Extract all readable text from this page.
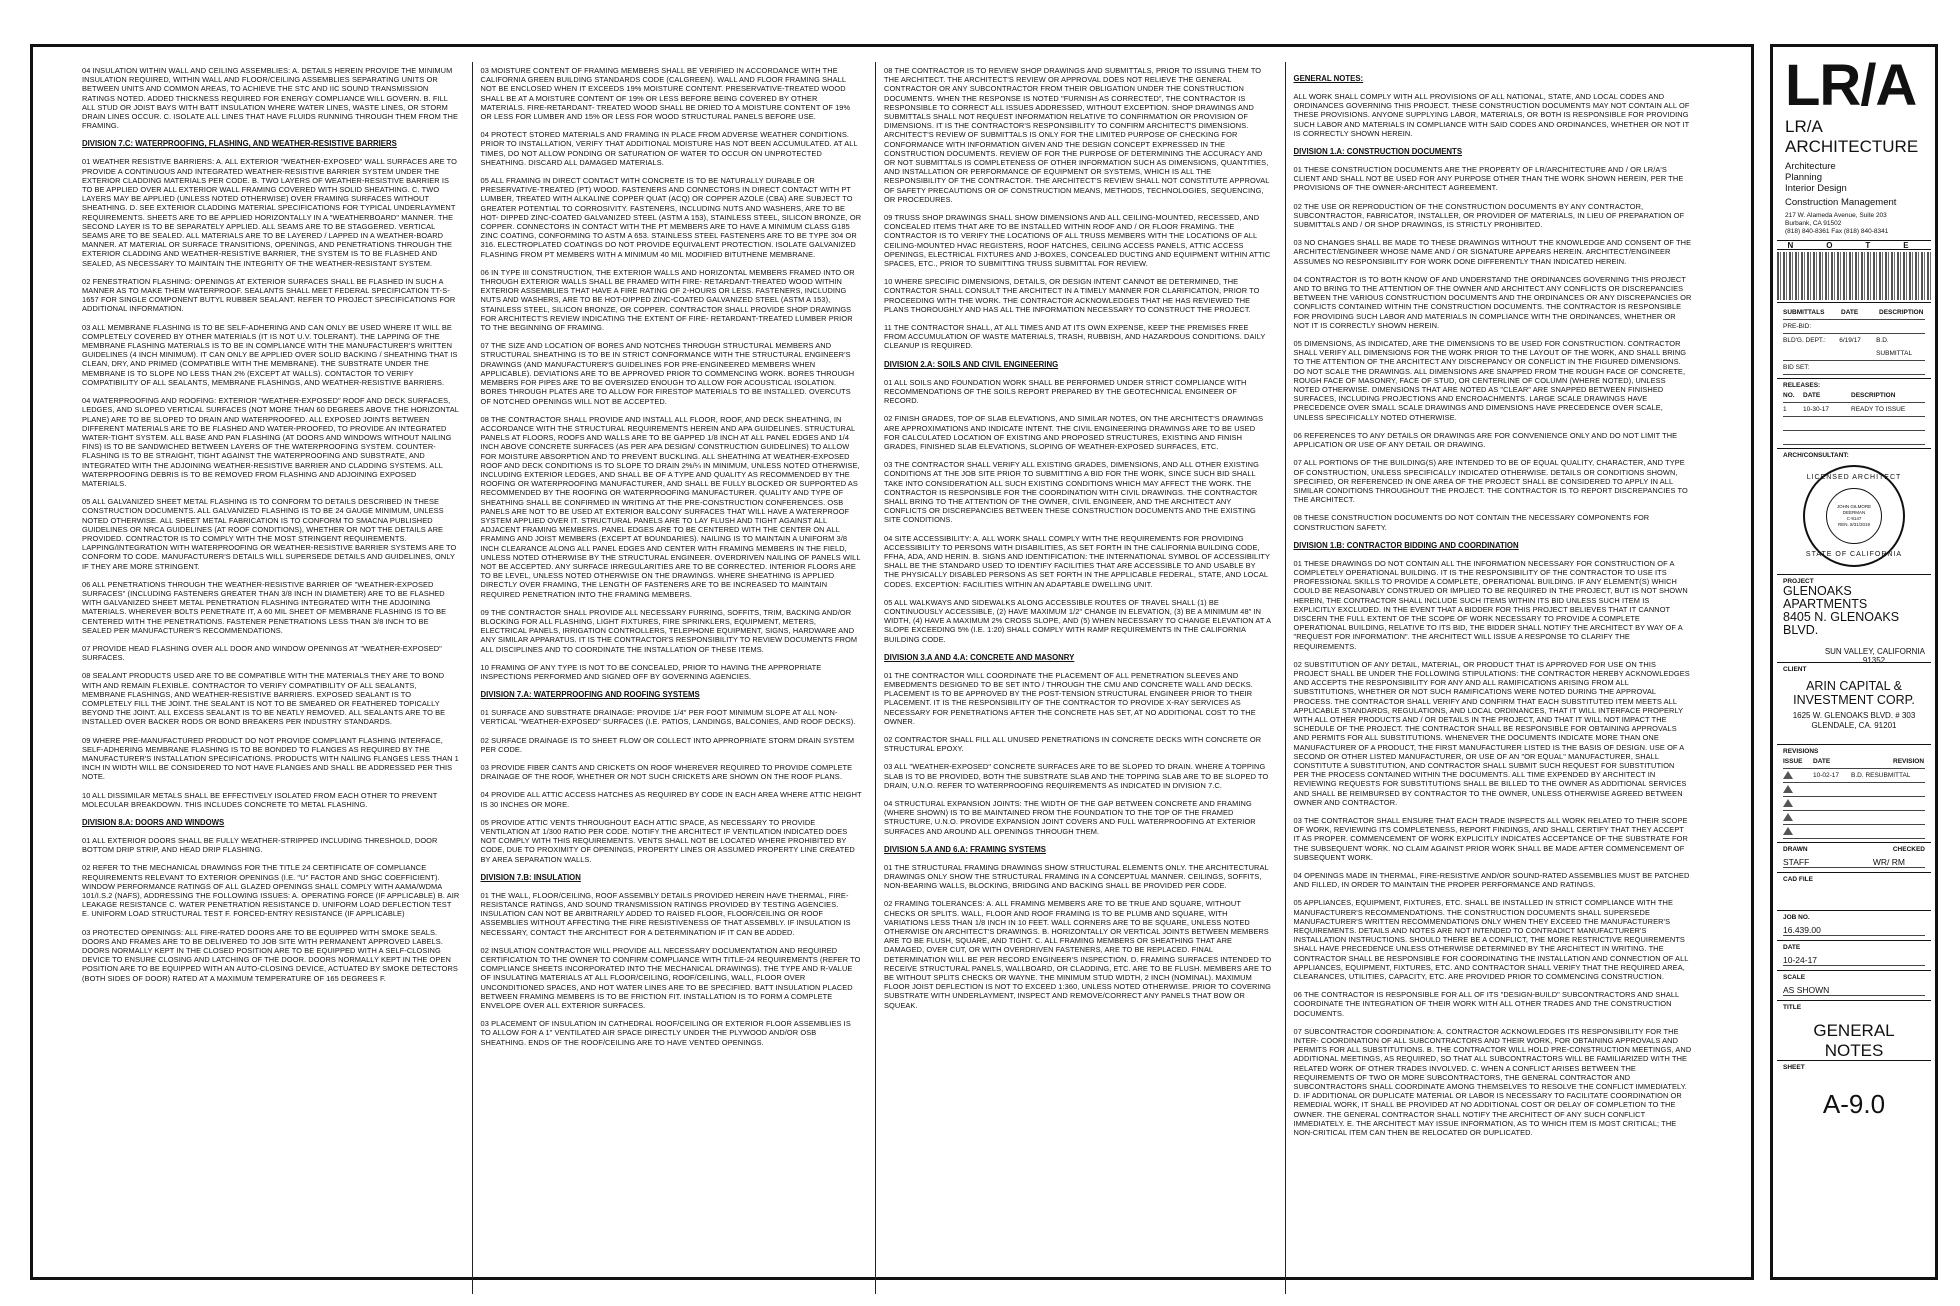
04 INSULATION WITHIN WALL AND CEILING ASSEMBLIES: A. DETAILS HEREIN PROVIDE THE MINIMUM INSULATION REQUIRED, WITHIN WALL AND FLOOR/CEILING ASSEMBLIES SEPARATING UNITS OR BETWEEN UNITS AND COMMON AREAS, TO ACHIEVE THE STC AND IIC SOUND TRANSMISSION RATINGS NOTED. ADDED THICKNESS REQUIRED FOR ENERGY COMPLIANCE WILL GOVERN. B. FILL ALL STUD OR JOIST BAYS WITH BATT INSULATION WHERE WATER LINES, WASTE LINES, OR STORM DRAIN LINES OCCUR. C. ISOLATE ALL LINES THAT HAVE FLUIDS RUNNING THROUGH THEM FROM THE FRAMING.

DIVISION 7.C: WATERPROOFING, FLASHING, AND WEATHER-RESISTIVE BARRIERS

01 WEATHER RESISTIVE BARRIERS: A. ALL EXTERIOR "WEATHER-EXPOSED" WALL SURFACES ARE TO PROVIDE A CONTINUOUS AND INTEGRATED WEATHER-RESISTIVE BARRIER SYSTEM UNDER THE EXTERIOR CLADDING MATERIALS PER CODE. B. TWO LAYERS OF WEATHER-RESISTIVE BARRIER IS TO BE APPLIED OVER ALL EXTERIOR WALL FRAMING COVERED WITH SOLID SHEATHING. C. TWO LAYERS MAY BE APPLIED (UNLESS NOTED OTHERWISE) OVER FRAMING SURFACES WITHOUT SHEATHING. D. SEE EXTERIOR CLADDING MATERIAL SPECIFICATIONS FOR TYPICAL UNDERLAYMENT REQUIREMENTS. SHEETS ARE TO BE APPLIED HORIZONTALLY IN A "WEATHERBOARD" MANNER. THE SECOND LAYER IS TO BE SEPARATELY APPLIED. ALL SEAMS ARE TO BE STAGGERED. VERTICAL SEAMS ARE TO BE SEALED. ALL MATERIALS ARE TO BE LAYERED / LAPPED IN A WEATHER-BOARD MANNER. AT MATERIAL OR SURFACE TRANSITIONS, OPENINGS, AND PENETRATIONS THROUGH THE EXTERIOR CLADDING AND WEATHER-RESISTIVE BARRIER, THE SYSTEM IS TO BE FLASHED AND SEALED, AS NECESSARY TO MAINTAIN THE INTEGRITY OF THE WEATHER-RESISTANT SYSTEM.

02 FENESTRATION FLASHING: OPENINGS AT EXTERIOR SURFACES SHALL BE FLASHED IN SUCH A MANNER AS TO MAKE THEM WATERPROOF. SEALANTS SHALL MEET FEDERAL SPECIFICATION TT-S-1657 FOR SINGLE COMPONENT BUTYL RUBBER SEALANT. REFER TO PROJECT SPECIFICATIONS FOR ADDITIONAL INFORMATION.

03 ALL MEMBRANE FLASHING IS TO BE SELF-ADHERING AND CAN ONLY BE USED WHERE IT WILL BE COMPLETELY COVERED BY OTHER MATERIALS (IT IS NOT U.V. TOLERANT). THE LAPPING OF THE MEMBRANE FLASHING MATERIALS IS TO BE IN COMPLIANCE WITH THE MANUFACTURER'S WRITTEN GUIDELINES (4 INCH MINIMUM). IT CAN ONLY BE APPLIED OVER SOLID BACKING / SHEATHING THAT IS CLEAN, DRY, AND PRIMED (COMPATIBLE WITH THE MEMBRANE). THE SUBSTRATE UNDER THE MEMBRANE IS TO SLOPE NO LESS THAN 2% (EXCEPT AT WALLS). CONTACTOR TO VERIFY COMPATIBILITY OF ALL SEALANTS, MEMBRANE FLASHINGS, AND WEATHER-RESISTIVE BARRIERS.

04 WATERPROOFING AND ROOFING: EXTERIOR "WEATHER-EXPOSED" ROOF AND DECK SURFACES, LEDGES, AND SLOPED VERTICAL SURFACES (NOT MORE THAN 60 DEGREES ABOVE THE HORIZONTAL PLANE) ARE TO BE SLOPED TO DRAIN AND WATERPROOFED. ALL EXPOSED JOINTS BETWEEN DIFFERENT MATERIALS ARE TO BE FLASHED AND WATER-PROOFED, TO PROVIDE AN INTEGRATED WATER-TIGHT SYSTEM. ALL BASE AND PAN FLASHING (AT DOORS AND WINDOWS WITHOUT NAILING FINS) IS TO BE SANDWICHED BETWEEN LAYERS OF THE WATERPROOFING SYSTEM. COUNTER-FLASHING IS TO BE STRAIGHT, TIGHT AGAINST THE WATERPROOFING AND SUBSTRATE, AND INTEGRATED WITH THE ADJOINING WEATHER-RESISTIVE BARRIER AND CLADDING SYSTEMS. ALL WATERPROOFING DEBRIS IS TO BE REMOVED FROM FLASHING AND ADJOINING EXPOSED MATERIALS.

05 ALL GALVANIZED SHEET METAL FLASHING IS TO CONFORM TO DETAILS DESCRIBED IN THESE CONSTRUCTION DOCUMENTS. ALL GALVANIZED FLASHING IS TO BE 24 GAUGE MINIMUM, UNLESS NOTED OTHERWISE. ALL SHEET METAL FABRICATION IS TO CONFORM TO SMACNA PUBLISHED GUIDELINES OR NRCA GUIDELINES (AT ROOF CONDITIONS), WHETHER OR NOT THE DETAILS ARE PROVIDED. CONTRACTOR IS TO COMPLY WITH THE MOST STRINGENT REQUIREMENTS. LAPPING/INTEGRATION WITH WATERPROOFING OR WEATHER-RESISTIVE BARRIER SYSTEMS ARE TO CONFORM TO CODE. MANUFACTURER'S DETAILS WILL SUPERSEDE DETAILS AND GUIDELINES, ONLY IF THEY ARE MORE STRINGENT.

06 ALL PENETRATIONS THROUGH THE WEATHER-RESISTIVE BARRIER OF "WEATHER-EXPOSED SURFACES" (INCLUDING FASTENERS GREATER THAN 3/8 INCH IN DIAMETER) ARE TO BE FLASHED WITH GALVANIZED SHEET METAL PENETRATION FLASHING INTEGRATED WITH THE ADJOINING MATERIALS. WHEREVER BOLTS PENETRATE IT, A 60 MIL SHEET OF MEMBRANE FLASHING IS TO BE CENTERED WITH THE PENETRATIONS. FASTENER PENETRATIONS LESS THAN 3/8 INCH TO BE SEALED PER MANUFACTURER'S RECOMMENDATIONS.

07 PROVIDE HEAD FLASHING OVER ALL DOOR AND WINDOW OPENINGS AT "WEATHER-EXPOSED" SURFACES.

08 SEALANT PRODUCTS USED ARE TO BE COMPATIBLE WITH THE MATERIALS THEY ARE TO BOND WITH AND REMAIN FLEXIBLE. CONTRACTOR TO VERIFY COMPATIBILITY OF ALL SEALANTS, MEMBRANE FLASHINGS, AND WEATHER-RESISTIVE BARRIERS. EXPOSED SEALANT IS TO COMPLETELY FILL THE JOINT. THE SEALANT IS NOT TO BE SMEARED OR FEATHERED TOPICALLY BEYOND THE JOINT. ALL EXCESS SEALANT IS TO BE NEATLY REMOVED. ALL SEALANTS ARE TO BE INSTALLED OVER BACKER RODS OR BOND BREAKERS PER INDUSTRY STANDARDS.

09 WHERE PRE-MANUFACTURED PRODUCT DO NOT PROVIDE COMPLIANT FLASHING INTERFACE, SELF-ADHERING MEMBRANE FLASHING IS TO BE BONDED TO FLANGES AS REQUIRED BY THE MANUFACTURER'S INSTALLATION SPECIFICATIONS. PRODUCTS WITH NAILING FLANGES LESS THAN 1 INCH IN WIDTH WILL BE CONSIDERED TO NOT HAVE FLANGES AND SHALL BE ADDRESSED PER THIS NOTE.

10 ALL DISSIMILAR METALS SHALL BE EFFECTIVELY ISOLATED FROM EACH OTHER TO PREVENT MOLECULAR BREAKDOWN. THIS INCLUDES CONCRETE TO METAL FLASHING.

DIVISION 8.A: DOORS AND WINDOWS

01 ALL EXTERIOR DOORS SHALL BE FULLY WEATHER-STRIPPED INCLUDING THRESHOLD, DOOR BOTTOM DRIP STRIP, AND HEAD DRIP FLASHING.

02 REFER TO THE MECHANICAL DRAWINGS FOR THE TITLE 24 CERTIFICATE OF COMPLIANCE REQUIREMENTS RELEVANT TO EXTERIOR OPENINGS (I.E. "U" FACTOR AND SHGC COEFFICIENT). WINDOW PERFORMANCE RATINGS OF ALL GLAZED OPENINGS SHALL COMPLY WITH AAMA/WDMA 101/I.S.2 (NAFS), ADDRESSING THE FOLLOWING ISSUES: A. OPERATING FORCE (IF APPLICABLE) B. AIR LEAKAGE RESISTANCE C. WATER PENETRATION RESISTANCE D. UNIFORM LOAD DEFLECTION TEST E. UNIFORM LOAD STRUCTURAL TEST F. FORCED-ENTRY RESISTANCE (IF APPLICABLE)

03 PROTECTED OPENINGS: ALL FIRE-RATED DOORS ARE TO BE EQUIPPED WITH SMOKE SEALS. DOORS AND FRAMES ARE TO BE DELIVERED TO JOB SITE WITH PERMANENT APPROVED LABELS. DOORS NORMALLY KEPT IN THE CLOSED POSITION ARE TO BE EQUIPPED WITH A SELF-CLOSING DEVICE TO ENSURE CLOSING AND LATCHING OF THE DOOR. DOORS NORMALLY KEPT IN THE OPEN POSITION ARE TO BE EQUIPPED WITH AN AUTO-CLOSING DEVICE, ACTUATED BY SMOKE DETECTORS (BOTH SIDES OF DOOR) RATED AT A MAXIMUM TEMPERATURE OF 165 DEGREES F.

03 MOISTURE CONTENT OF FRAMING MEMBERS SHALL BE VERIFIED IN ACCORDANCE WITH THE CALIFORNIA GREEN BUILDING STANDARDS CODE (CALGREEN). WALL AND FLOOR FRAMING SHALL NOT BE ENCLOSED WHEN IT EXCEEDS 19% MOISTURE CONTENT. PRESERVATIVE-TREATED WOOD SHALL BE AT A MOISTURE CONTENT OF 19% OR LESS BEFORE BEING COVERED BY OTHER MATERIALS. FIRE-RETARDANT- TREATED WOOD SHALL BE DRIED TO A MOISTURE CONTENT OF 19% OR LESS FOR LUMBER AND 15% OR LESS FOR WOOD STRUCTURAL PANELS BEFORE USE.

04 PROTECT STORED MATERIALS AND FRAMING IN PLACE FROM ADVERSE WEATHER CONDITIONS. PRIOR TO INSTALLATION, VERIFY THAT ADDITIONAL MOISTURE HAS NOT BEEN ACCUMULATED. AT ALL TIMES, DO NOT ALLOW PONDING OR SATURATION OF WATER TO OCCUR ON UNPROTECTED SHEATHING. DISCARD ALL DAMAGED MATERIALS.

05 ALL FRAMING IN DIRECT CONTACT WITH CONCRETE IS TO BE NATURALLY DURABLE OR PRESERVATIVE-TREATED (PT) WOOD. FASTENERS AND CONNECTORS IN DIRECT CONTACT WITH PT LUMBER, TREATED WITH ALKALINE COPPER QUAT (ACQ) OR COPPER AZOLE (CBA) ARE SUBJECT TO GREATER POTENTIAL TO CORROSIVITY. FASTENERS, INCLUDING NUTS AND WASHERS, ARE TO BE HOT- DIPPED ZINC-COATED GALVANIZED STEEL (ASTM A 153), STAINLESS STEEL, SILICON BRONZE, OR COPPER. CONNECTORS IN CONTACT WITH THE PT MEMBERS ARE TO HAVE A MINIMUM CLASS G185 ZINC COATING, CONFORMING TO ASTM A 653. STAINLESS STEEL FASTENERS ARE TO BE TYPE 304 OR 316. ELECTROPLATED COATINGS DO NOT PROVIDE EQUIVALENT PROTECTION. ISOLATE GALVANIZED FLASHING FROM PT MEMBERS WITH A MINIMUM 40 MIL MODIFIED BITUTHENE MEMBRANE.

06 IN TYPE III CONSTRUCTION, THE EXTERIOR WALLS AND HORIZONTAL MEMBERS FRAMED INTO OR THROUGH EXTERIOR WALLS SHALL BE FRAMED WITH FIRE- RETARDANT-TREATED WOOD WITHIN EXTERIOR ASSEMBLIES THAT HAVE A FIRE RATING OF 2-HOURS OR LESS. FASTENERS, INCLUDING NUTS AND WASHERS, ARE TO BE HOT-DIPPED ZINC-COATED GALVANIZED STEEL (ASTM A 153), STAINLESS STEEL, SILICON BRONZE, OR COPPER. CONTRACTOR SHALL PROVIDE SHOP DRAWINGS FOR ARCHITECT'S REVIEW INDICATING THE EXTENT OF FIRE- RETARDANT-TREATED LUMBER PRIOR TO THE BEGINNING OF FRAMING.

07 THE SIZE AND LOCATION OF BORES AND NOTCHES THROUGH STRUCTURAL MEMBERS AND STRUCTURAL SHEATHING IS TO BE IN STRICT CONFORMANCE WITH THE STRUCTURAL ENGINEER'S DRAWINGS (AND MANUFACTURER'S GUIDELINES FOR PRE-ENGINEERED MEMBERS WHEN APPLICABLE). DEVIATIONS ARE TO BE APPROVED PRIOR TO COMMENCING WORK. BORES THROUGH MEMBERS FOR PIPES ARE TO BE OVERSIZED ENOUGH TO ALLOW FOR ACOUSTICAL ISOLATION. BORES THROUGH PLATES ARE TO ALLOW FOR FIRESTOP MATERIALS TO BE INSTALLED. OVERCUTS OF NOTCHED OPENINGS WILL NOT BE ACCEPTED.

08 THE CONTRACTOR SHALL PROVIDE AND INSTALL ALL FLOOR, ROOF, AND DECK SHEATHING, IN ACCORDANCE WITH THE STRUCTURAL REQUIREMENTS HEREIN AND APA GUIDELINES. STRUCTURAL PANELS AT FLOORS, ROOFS AND WALLS ARE TO BE GAPPED 1/8 INCH AT ALL PANEL EDGES AND 1/4 INCH ABOVE CONCRETE SURFACES (AS PER APA DESIGN/ CONSTRUCTION GUIDELINES) TO ALLOW FOR MOISTURE ABSORPTION AND TO PREVENT BUCKLING. ALL SHEATHING AT WEATHER-EXPOSED ROOF AND DECK CONDITIONS IS TO SLOPE TO DRAIN 2%/¼ IN MINIMUM, UNLESS NOTED OTHERWISE, INCLUDING EXTERIOR LEDGES, AND SHALL BE OF A TYPE AND QUALITY AS RECOMMENDED BY THE ROOFING OR WATERPROOFING MANUFACTURER, AND SHALL BE FULLY BLOCKED OR SUPPORTED AS RECOMMENDED BY THE ROOFING OR WATERPROOFING MANUFACTURER. QUALITY AND TYPE OF SHEATHING SHALL BE CONFIRMED IN WRITING AT THE PRE-CONSTRUCTION CONFERENCES. OSB PANELS ARE NOT TO BE USED AT EXTERIOR BALCONY SURFACES THAT WILL HAVE A WATERPROOF SYSTEM APPLIED OVER IT. STRUCTURAL PANELS ARE TO LAY FLUSH AND TIGHT AGAINST ALL ADJACENT FRAMING MEMBERS. PANEL EDGES ARE TO BE CENTERED WITH THE CENTER ON ALL FRAMING AND JOIST MEMBERS (EXCEPT AT BOUNDARIES). NAILING IS TO MAINTAIN A UNIFORM 3/8 INCH CLEARANCE ALONG ALL PANEL EDGES AND CENTER WITH FRAMING MEMBERS IN THE FIELD, UNLESS NOTED OTHERWISE BY THE STRUCTURAL ENGINEER. OVERDRIVEN NAILING OF PANELS WILL NOT BE ACCEPTED. ANY SURFACE IRREGULARITIES ARE TO BE CORRECTED. INTERIOR FLOORS ARE TO BE LEVEL, UNLESS NOTED OTHERWISE ON THE DRAWINGS. WHERE SHEATHING IS APPLIED DIRECTLY OVER FRAMING, THE LENGTH OF FASTENERS ARE TO BE INCREASED TO MAINTAIN REQUIRED PENETRATION INTO THE FRAMING MEMBERS.

09 THE CONTRACTOR SHALL PROVIDE ALL NECESSARY FURRING, SOFFITS, TRIM, BACKING AND/OR BLOCKING FOR ALL FLASHING, LIGHT FIXTURES, FIRE SPRINKLERS, EQUIPMENT, METERS, ELECTRICAL PANELS, IRRIGATION CONTROLLERS, TELEPHONE EQUIPMENT, SIGNS, HARDWARE AND ANY SIMILAR APPARATUS. IT IS THE CONTRACTOR'S RESPONSIBILITY TO REVIEW DOCUMENTS FROM ALL DISCIPLINES AND TO COORDINATE THE INSTALLATION OF THESE ITEMS.

10 FRAMING OF ANY TYPE IS NOT TO BE CONCEALED, PRIOR TO HAVING THE APPROPRIATE INSPECTIONS PERFORMED AND SIGNED OFF BY GOVERNING AGENCIES.

DIVISION 7.A: WATERPROOFING AND ROOFING SYSTEMS

01 SURFACE AND SUBSTRATE DRAINAGE: PROVIDE 1/4" PER FOOT MINIMUM SLOPE AT ALL NON-VERTICAL "WEATHER-EXPOSED" SURFACES (I.E. PATIOS, LANDINGS, BALCONIES, AND ROOF DECKS).

02 SURFACE DRAINAGE IS TO SHEET FLOW OR COLLECT INTO APPROPRIATE STORM DRAIN SYSTEM PER CODE.

03 PROVIDE FIBER CANTS AND CRICKETS ON ROOF WHEREVER REQUIRED TO PROVIDE COMPLETE DRAINAGE OF THE ROOF, WHETHER OR NOT SUCH CRICKETS ARE SHOWN ON THE ROOF PLANS.

04 PROVIDE ALL ATTIC ACCESS HATCHES AS REQUIRED BY CODE IN EACH AREA WHERE ATTIC HEIGHT IS 30 INCHES OR MORE.

05 PROVIDE ATTIC VENTS THROUGHOUT EACH ATTIC SPACE, AS NECESSARY TO PROVIDE VENTILATION AT 1/300 RATIO PER CODE. NOTIFY THE ARCHITECT IF VENTILATION INDICATED DOES NOT COMPLY WITH THIS REQUIREMENTS. VENTS SHALL NOT BE LOCATED WHERE PROHIBITED BY CODE, DUE TO PROXIMITY OF OPENINGS, PROPERTY LINES OR ASSUMED PROPERTY LINE CREATED BY AREA SEPARATION WALLS.

DIVISION 7.B: INSULATION

01 THE WALL, FLOOR/CEILING, ROOF ASSEMBLY DETAILS PROVIDED HEREIN HAVE THERMAL, FIRE-RESISTANCE RATINGS, AND SOUND TRANSMISSION RATINGS PROVIDED BY TESTING AGENCIES. INSULATION CAN NOT BE ARBITRARILY ADDED TO RAISED FLOOR, FLOOR/CEILING OR ROOF ASSEMBLIES WITHOUT AFFECTING THE FIRE RESISTIVENESS OF THAT ASSEMBLY. IF INSULATION IS NECESSARY, CONTACT THE ARCHITECT FOR A DETERMINATION IF IT CAN BE ADDED.

02 INSULATION CONTRACTOR WILL PROVIDE ALL NECESSARY DOCUMENTATION AND REQUIRED CERTIFICATION TO THE OWNER TO CONFIRM COMPLIANCE WITH TITLE-24 REQUIREMENTS (REFER TO COMPLIANCE SHEETS INCORPORATED INTO THE MECHANICAL DRAWINGS). THE TYPE AND R-VALUE OF INSULATING MATERIALS AT ALL FLOOR/CEILING, ROOF/CEILING, WALL, FLOOR OVER UNCONDITIONED SPACES, AND HOT WATER LINES ARE TO BE SPECIFIED. BATT INSULATION PLACED BETWEEN FRAMING MEMBERS IS TO BE FRICTION FIT. INSTALLATION IS TO FORM A COMPLETE ENVELOPE OVER ALL EXTERIOR SURFACES.

03 PLACEMENT OF INSULATION IN CATHEDRAL ROOF/CEILING OR EXTERIOR FLOOR ASSEMBLIES IS TO ALLOW FOR A 1" VENTILATED AIR SPACE DIRECTLY UNDER THE PLYWOOD AND/OR OSB SHEATHING. ENDS OF THE ROOF/CEILING ARE TO HAVE VENTED OPENINGS.

08 THE CONTRACTOR IS TO REVIEW SHOP DRAWINGS AND SUBMITTALS, PRIOR TO ISSUING THEM TO THE ARCHITECT. THE ARCHITECT'S REVIEW OR APPROVAL DOES NOT RELIEVE THE GENERAL CONTRACTOR OR ANY SUBCONTRACTOR FROM THEIR OBLIGATION UNDER THE CONSTRUCTION DOCUMENTS. WHEN THE RESPONSE IS NOTED "FURNISH AS CORRECTED", THE CONTRACTOR IS RESPONSIBLE TO CORRECT ALL ISSUES ADDRESSED, WITHOUT EXCEPTION. SHOP DRAWINGS AND SUBMITTALS SHALL NOT REQUEST INFORMATION RELATIVE TO CONFIRMATION OR PROVISION OF DIMENSIONS. IT IS THE CONTRACTOR'S RESPONSIBILITY TO CONFIRM ARCHITECT'S DIMENSIONS. ARCHITECT'S REVIEW OF SUBMITTALS IS ONLY FOR THE LIMITED PURPOSE OF CHECKING FOR CONFORMANCE WITH INFORMATION GIVEN AND THE DESIGN CONCEPT EXPRESSED IN THE CONSTRUCTION DOCUMENTS. REVIEW OF FOR THE PURPOSE OF DETERMINING THE ACCURACY AND OR NOT SUBMITTALS IS COMPLETENESS OF OTHER INFORMATION SUCH AS DIMENSIONS, QUANTITIES, AND INSTALLATION OR PERFORMANCE OF EQUIPMENT OR SYSTEMS, WHICH IS ALL THE RESPONSIBILITY OF THE CONTRACTOR. THE ARCHITECT'S REVIEW SHALL NOT CONSTITUTE APPROVAL OF SAFETY PRECAUTIONS OR OF CONSTRUCTION MEANS, METHODS, TECHNOLOGIES, SEQUENCING, OR PROCEDURES.

09 TRUSS SHOP DRAWINGS SHALL SHOW DIMENSIONS AND ALL CEILING-MOUNTED, RECESSED, AND CONCEALED ITEMS THAT ARE TO BE INSTALLED WITHIN ROOF AND / OR FLOOR FRAMING. THE CONTRACTOR IS TO VERIFY THE LOCATIONS OF ALL TRUSS MEMBERS WITH THE LOCATIONS OF ALL CEILING-MOUNTED HVAC REGISTERS, ROOF HATCHES, CEILING ACCESS PANELS, ATTIC ACCESS OPENINGS, ELECTRICAL FIXTURES AND J-BOXES, CONCEALED DUCTING AND EQUIPMENT WITHIN ATTIC SPACES, ETC., PRIOR TO SUBMITTING TRUSS SUBMITTAL FOR REVIEW.

10 WHERE SPECIFIC DIMENSIONS, DETAILS, OR DESIGN INTENT CANNOT BE DETERMINED, THE CONTRACTOR SHALL CONSULT THE ARCHITECT IN A TIMELY MANNER FOR CLARIFICATION, PRIOR TO PROCEEDING WITH THE WORK. THE CONTRACTOR ACKNOWLEDGES THAT HE HAS REVIEWED THE PLANS THOROUGHLY AND HAS ALL THE INFORMATION NECESSARY TO CONSTRUCT THE PROJECT.

11 THE CONTRACTOR SHALL, AT ALL TIMES AND AT ITS OWN EXPENSE, KEEP THE PREMISES FREE FROM ACCUMULATION OF WASTE MATERIALS, TRASH, RUBBISH, AND HAZARDOUS CONDITIONS. DAILY CLEANUP IS REQUIRED.

DIVISION 2.A: SOILS AND CIVIL ENGINEERING

01 ALL SOILS AND FOUNDATION WORK SHALL BE PERFORMED UNDER STRICT COMPLIANCE WITH RECOMMENDATIONS OF THE SOILS REPORT PREPARED BY THE GEOTECHNICAL ENGINEER OF RECORD.

02 FINISH GRADES, TOP OF SLAB ELEVATIONS, AND SIMILAR NOTES, ON THE ARCHITECT'S DRAWINGS ARE APPROXIMATIONS AND INDICATE INTENT. THE CIVIL ENGINEERING DRAWINGS ARE TO BE USED FOR CALCULATED LOCATION OF EXISTING AND PROPOSED STRUCTURES, EXISTING AND FINISH GRADES, FINISHED SLAB ELEVATIONS, SLOPING OF WEATHER-EXPOSED SURFACES, ETC.

03 THE CONTRACTOR SHALL VERIFY ALL EXISTING GRADES, DIMENSIONS, AND ALL OTHER EXISTING CONDITIONS AT THE JOB SITE PRIOR TO SUBMITTING A BID FOR THE WORK, SINCE SUCH BID SHALL TAKE INTO CONSIDERATION ALL SUCH EXISTING CONDITIONS WHICH MAY AFFECT THE WORK. THE CONTRACTOR IS RESPONSIBLE FOR THE COORDINATION WITH CIVIL DRAWINGS. THE CONTRACTOR SHALL BRING TO THE ATTENTION OF THE OWNER, CIVIL ENGINEER, AND THE ARCHITECT ANY CONFLICTS OR DISCREPANCIES BETWEEN THESE CONSTRUCTION DOCUMENTS AND THE EXISTING SITE CONDITIONS.

04 SITE ACCESSIBILITY: A. ALL WORK SHALL COMPLY WITH THE REQUIREMENTS FOR PROVIDING ACCESSIBILITY TO PERSONS WITH DISABILITIES, AS SET FORTH IN THE CALIFORNIA BUILDING CODE, FFHA, ADA, AND HERIN. B. SIGNS AND IDENTIFICATION: THE INTERNATIONAL SYMBOL OF ACCESSIBILITY SHALL BE THE STANDARD USED TO IDENTIFY FACILITIES THAT ARE ACCESSIBLE TO AND USABLE BY THE PHYSICALLY DISABLED PERSONS AS SET FORTH IN THE APPLICABLE FEDERAL, STATE, AND LOCAL CODES. EXCEPTION: FACILITIES WITHIN AN ADAPTABLE DWELLING UNIT.

05 ALL WALKWAYS AND SIDEWALKS ALONG ACCESSIBLE ROUTES OF TRAVEL SHALL (1) BE CONTINUOUSLY ACCESSIBLE, (2) HAVE MAXIMUM 1/2" CHANGE IN ELEVATION, (3) BE A MINIMUM 48" IN WIDTH, (4) HAVE A MAXIMUM 2% CROSS SLOPE, AND (5) WHEN NECESSARY TO CHANGE ELEVATION AT A SLOPE EXCEEDING 5% (I.E. 1:20) SHALL COMPLY WITH RAMP REQUIREMENTS IN THE CALIFORNIA BUILDING CODE.

DIVISION 3.A AND 4.A: CONCRETE AND MASONRY

01 THE CONTRACTOR WILL COORDINATE THE PLACEMENT OF ALL PENETRATION SLEEVES AND EMBEDMENTS DESIGNED TO BE SET INTO / THROUGH THE CMU AND CONCRETE WALL AND DECKS. PLACEMENT IS TO BE APPROVED BY THE POST-TENSION STRUCTURAL ENGINEER PRIOR TO THEIR PLACEMENT. IT IS THE RESPONSIBILITY OF THE CONTRACTOR TO PROVIDE X-RAY SERVICES AS NECESSARY FOR PENETRATIONS AFTER THE CONCRETE HAS SET, AT NO ADDITIONAL COST TO THE OWNER.

02 CONTRACTOR SHALL FILL ALL UNUSED PENETRATIONS IN CONCRETE DECKS WITH CONCRETE OR STRUCTURAL EPOXY.

03 ALL "WEATHER-EXPOSED" CONCRETE SURFACES ARE TO BE SLOPED TO DRAIN. WHERE A TOPPING SLAB IS TO BE PROVIDED, BOTH THE SUBSTRATE SLAB AND THE TOPPING SLAB ARE TO BE SLOPED TO DRAIN, U.N.O. REFER TO WATERPROOFING REQUIREMENTS AS INDICATED IN DIVISION 7.C.

04 STRUCTURAL EXPANSION JOINTS: THE WIDTH OF THE GAP BETWEEN CONCRETE AND FRAMING (WHERE SHOWN) IS TO BE MAINTAINED FROM THE FOUNDATION TO THE TOP OF THE FRAMED STRUCTURE, U.N.O. PROVIDE EXPANSION JOINT COVERS AND FULL WATERPROOFING AT EXTERIOR SURFACES AND AROUND ALL OPENINGS THROUGH THEM.

DIVISION 5.A AND 6.A: FRAMING SYSTEMS

01 THE STRUCTURAL FRAMING DRAWINGS SHOW STRUCTURAL ELEMENTS ONLY. THE ARCHITECTURAL DRAWINGS ONLY SHOW THE STRUCTURAL FRAMING IN A CONCEPTUAL MANNER. CEILINGS, SOFFITS, NON-BEARING WALLS, BLOCKING, BRIDGING AND BACKING SHALL BE PROVIDED PER CODE.

02 FRAMING TOLERANCES: A. ALL FRAMING MEMBERS ARE TO BE TRUE AND SQUARE, WITHOUT CHECKS OR SPLITS. WALL, FLOOR AND ROOF FRAMING IS TO BE PLUMB AND SQUARE, WITH VARIATIONS LESS THAN 1/8 INCH IN 10 FEET. WALL CORNERS ARE TO BE SQUARE, UNLESS NOTED OTHERWISE ON ARCHITECT'S DRAWINGS. B. HORIZONTALLY OR VERTICAL JOINTS BETWEEN MEMBERS ARE TO BE FLUSH, SQUARE, AND TIGHT. C. ALL FRAMING MEMBERS OR SHEATHING THAT ARE DAMAGED, OVER CUT, OR WITH OVERDRIVEN FASTENERS, ARE TO BE REPLACED. FINAL DETERMINATION WILL BE PER RECORD ENGINEER'S INSPECTION. D. FRAMING SURFACES INTENDED TO RECEIVE STRUCTURAL PANELS, WALLBOARD, OR CLADDING, ETC. ARE TO BE FLUSH. MEMBERS ARE TO BE WITHOUT SPLITS CHECKS OR WAYNE. THE MINIMUM STUD WIDTH, 2 INCH (NOMINAL). MAXIMUM FLOOR JOIST DEFLECTION IS NOT TO EXCEED 1:360, UNLESS NOTED OTHERWISE. PRIOR TO COVERING SUBSTRATE WITH UNDERLAYMENT, INSPECT AND REMOVE/CORRECT ANY PANELS THAT BOW OR SQUEAK.

GENERAL NOTES:

ALL WORK SHALL COMPLY WITH ALL PROVISIONS OF ALL NATIONAL, STATE, AND LOCAL CODES AND ORDINANCES GOVERNING THIS PROJECT. THESE CONSTRUCTION DOCUMENTS MAY NOT CONTAIN ALL OF THESE PROVISIONS. ANYONE SUPPLYING LABOR, MATERIALS, OR BOTH IS RESPONSIBLE FOR PROVIDING SUCH LABOR AND MATERIALS IN COMPLIANCE WITH SAID CODES AND ORDINANCES, WHETHER OR NOT IT IS CORRECTLY SHOWN HEREIN.

DIVISION 1.A: CONSTRUCTION DOCUMENTS

01 THESE CONSTRUCTION DOCUMENTS ARE THE PROPERTY OF LR/ARCHITECTURE AND / OR LR/A'S CLIENT AND SHALL NOT BE USED FOR ANY PURPOSE OTHER THAN THE WORK SHOWN HEREIN, PER THE PROVISIONS OF THE OWNER-ARCHITECT AGREEMENT.

02 THE USE OR REPRODUCTION OF THE CONSTRUCTION DOCUMENTS BY ANY CONTRACTOR, SUBCONTRACTOR, FABRICATOR, INSTALLER, OR PROVIDER OF MATERIALS, IN LIEU OF PREPARATION OF SUBMITTALS AND / OR SHOP DRAWINGS, IS STRICTLY PROHIBITED.

03 NO CHANGES SHALL BE MADE TO THESE DRAWINGS WITHOUT THE KNOWLEDGE AND CONSENT OF THE ARCHITECT/ENGINEER WHOSE NAME AND / OR SIGNATURE APPEARS HEREIN. ARCHITECT/ENGINEER ASSUMES NO RESPONSIBILITY FOR WORK DONE DIFFERENTLY THAN INDICATED HEREIN.

04 CONTRACTOR IS TO BOTH KNOW OF AND UNDERSTAND THE ORDINANCES GOVERNING THIS PROJECT AND TO BRING TO THE ATTENTION OF THE OWNER AND ARCHITECT ANY CONFLICTS OR DISCREPANCIES BETWEEN THE VARIOUS CONSTRUCTION DOCUMENTS AND THE ORDINANCES OR ANY DISCREPANCIES OR CONFLICTS CONTAINED WITHIN THE CONSTRUCTION DOCUMENTS. THE CONTRACTOR IS RESPONSIBLE FOR PROVIDING SUCH LABOR AND MATERIALS IN COMPLIANCE WITH THE ORDINANCES, WHETHER OR NOT IT IS CORRECTLY SHOWN HEREIN.

05 DIMENSIONS, AS INDICATED, ARE THE DIMENSIONS TO BE USED FOR CONSTRUCTION. CONTRACTOR SHALL VERIFY ALL DIMENSIONS FOR THE WORK PRIOR TO THE LAYOUT OF THE WORK, AND SHALL BRING TO THE ATTENTION OF THE ARCHITECT ANY DISCREPANCY OR CONFLICT IN THE FIGURED DIMENSIONS. DO NOT SCALE THE DRAWINGS. ALL DIMENSIONS ARE SNAPPED FROM THE ROUGH FACE OF CONCRETE, ROUGH FACE OF MASONRY, FACE OF STUD, OR CENTERLINE OF COLUMN (WHERE NOTED), UNLESS NOTED OTHERWISE. DIMENSIONS THAT ARE NOTED AS "CLEAR" ARE SNAPPED BETWEEN FINISHED SURFACES, INCLUDING PROJECTIONS AND ENCROACHMENTS. LARGE SCALE DRAWINGS HAVE PRECEDENCE OVER SMALL SCALE DRAWINGS AND DIMENSIONS HAVE PRECEDENCE OVER SCALE, UNLESS SPECIFICALLY NOTED OTHERWISE.

06 REFERENCES TO ANY DETAILS OR DRAWINGS ARE FOR CONVENIENCE ONLY AND DO NOT LIMIT THE APPLICATION OR USE OF ANY DETAIL OR DRAWING.

07 ALL PORTIONS OF THE BUILDING(S) ARE INTENDED TO BE OF EQUAL QUALITY, CHARACTER, AND TYPE OF CONSTRUCTION, UNLESS SPECIFICALLY INDICATED OTHERWISE. DETAILS OR CONDITIONS SHOWN, SPECIFIED, OR REFERENCED IN ONE AREA OF THE PROJECT SHALL BE CONSIDERED TO APPLY IN ALL SIMILAR CONDITIONS THROUGHOUT THE PROJECT. THE CONTRACTOR IS TO REPORT DISCREPANCIES TO THE ARCHITECT.

08 THESE CONSTRUCTION DOCUMENTS DO NOT CONTAIN THE NECESSARY COMPONENTS FOR CONSTRUCTION SAFETY.

DIVISION 1.B: CONTRACTOR BIDDING AND COORDINATION

01 THESE DRAWINGS DO NOT CONTAIN ALL THE INFORMATION NECESSARY FOR CONSTRUCTION OF A COMPLETELY OPERATIONAL BUILDING. IT IS THE RESPONSIBILITY OF THE CONTRACTOR TO USE ITS PROFESSIONAL SKILLS TO PROVIDE A COMPLETE, OPERATIONAL BUILDING. IF ANY ELEMENT(S) WHICH COULD BE REASONABLY CONSTRUED OR IMPLIED TO BE REQUIRED IN THE PROJECT, BUT IS NOT SHOWN HEREIN, THE CONTRACTOR SHALL INCLUDE SUCH ITEMS WITHIN ITS BID UNLESS SUCH ITEM IS EXPLICITLY EXCLUDED. IN THE EVENT THAT A BIDDER FOR THIS PROJECT BELIEVES THAT IT CANNOT DISCERN THE FULL EXTENT OF THE SCOPE OF WORK NECESSARY TO PROVIDE A COMPLETE OPERATIONAL BUILDING, RELATIVE TO ITS BID, THE BIDDER SHALL NOTIFY THE ARCHITECT BY WAY OF A "REQUEST FOR INFORMATION". THE ARCHITECT WILL ISSUE A RESPONSE TO CLARIFY THE REQUIREMENTS.

02 SUBSTITUTION OF ANY DETAIL, MATERIAL, OR PRODUCT THAT IS APPROVED FOR USE ON THIS PROJECT SHALL BE UNDER THE FOLLOWING STIPULATIONS: THE CONTRACTOR HEREBY ACKNOWLEDGES AND ACCEPTS THE RESPONSIBILITY FOR ANY AND ALL RAMIFICATIONS ARISING FROM ALL SUBSTITUTIONS, WHETHER OR NOT SUCH RAMIFICATIONS WERE NOTED DURING THE APPROVAL PROCESS. THE CONTRACTOR SHALL VERIFY AND CONFIRM THAT EACH SUBSTITUTED ITEM MEETS ALL APPLICABLE STANDARDS, REGULATIONS, AND LOCAL ORDINANCES, THAT IT WILL INTERFACE PROPERLY WITH ALL OTHER PRODUCTS AND / OR DETAILS IN THE PROJECT, AND THAT IT WILL NOT IMPACT THE SCHEDULE OF THE PROJECT. THE CONTRACTOR SHALL BE RESPONSIBLE FOR OBTAINING APPROVALS AND PERMITS FOR ALL SUBSTITUTIONS. WHENEVER THE DOCUMENTS INDICATE MORE THAN ONE MANUFACTURER OF A PRODUCT, THE FIRST MANUFACTURER LISTED IS THE BASIS OF DESIGN. USE OF A SECOND OR OTHER LISTED MANUFACTURER, OR USE OF AN "OR EQUAL" MANUFACTURER, SHALL CONSTITUTE A SUBSTITUTION, AND CONTRACTOR SHALL SUBMIT SUCH REQUEST FOR SUBSTITUTION PER THE PROCESS CONTAINED WITHIN THE DOCUMENTS. ALL TIME EXPENDED BY ARCHITECT IN REVIEWING REQUESTS FOR SUBSTITUTIONS SHALL BE BILLED TO THE OWNER AS ADDITIONAL SERVICES AND SHALL BE REIMBURSED BY CONTRACTOR TO THE OWNER, UNLESS OTHERWISE AGREED BETWEEN OWNER AND CONTRACTOR.

03 THE CONTRACTOR SHALL ENSURE THAT EACH TRADE INSPECTS ALL WORK RELATED TO THEIR SCOPE OF WORK, REVIEWING ITS COMPLETENESS, REPORT FINDINGS, AND SHALL CERTIFY THAT THEY ACCEPT IT AS PROPER. COMMENCEMENT OF WORK EXPLICITLY INDICATES ACCEPTANCE OF THE SUBSTRATE FOR THE SUBSEQUENT WORK. NO CLAIM AGAINST PRIOR WORK SHALL BE MADE AFTER COMMENCEMENT OF SUBSEQUENT WORK.

04 OPENINGS MADE IN THERMAL, FIRE-RESISTIVE AND/OR SOUND-RATED ASSEMBLIES MUST BE PATCHED AND FILLED, IN ORDER TO MAINTAIN THE PROPER PERFORMANCE AND RATINGS.

05 APPLIANCES, EQUIPMENT, FIXTURES, ETC. SHALL BE INSTALLED IN STRICT COMPLIANCE WITH THE MANUFACTURER'S RECOMMENDATIONS. THE CONSTRUCTION DOCUMENTS SHALL SUPERSEDE MANUFACTURER'S WRITTEN RECOMMENDATIONS ONLY WHEN THEY EXCEED THE MANUFACTURER'S REQUIREMENTS. DETAILS AND NOTES ARE NOT INTENDED TO CONTRADICT MANUFACTURER'S INSTALLATION INSTRUCTIONS. SHOULD THERE BE A CONFLICT, THE MORE RESTRICTIVE REQUIREMENTS SHALL HAVE PRECEDENCE UNLESS OTHERWISE DETERMINED BY THE ARCHITECT IN WRITING. THE CONTRACTOR SHALL BE RESPONSIBLE FOR COORDINATING THE INSTALLATION AND CONNECTION OF ALL APPLIANCES, EQUIPMENT, FIXTURES, ETC. AND CONTRACTOR SHALL VERIFY THAT THE REQUIRED AREA, CLEARANCES, UTILITIES, CAPACITY, ETC. ARE PROVIDED PRIOR TO COMMENCING CONSTRUCTION.

06 THE CONTRACTOR IS RESPONSIBLE FOR ALL OF ITS "DESIGN-BUILD" SUBCONTRACTORS AND SHALL COORDINATE THE INTEGRATION OF THEIR WORK WITH ALL OTHER TRADES AND THE CONSTRUCTION DOCUMENTS.

07 SUBCONTRACTOR COORDINATION: A. CONTRACTOR ACKNOWLEDGES ITS RESPONSIBILITY FOR THE INTER- COORDINATION OF ALL SUBCONTRACTORS AND THEIR WORK, FOR OBTAINING APPROVALS AND PERMITS FOR ALL SUBSTITUTIONS. B. THE CONTRACTOR WILL HOLD PRE-CONSTRUCTION MEETINGS, AND ADDITIONAL MEETINGS, AS REQUIRED, SO THAT ALL SUBCONTRACTORS WILL BE FAMILIARIZED WITH THE RELATED WORK OF OTHER TRADES INVOLVED. C. WHEN A CONFLICT ARISES BETWEEN THE REQUIREMENTS OF TWO OR MORE SUBCONTRACTORS, THE GENERAL CONTRACTOR AND SUBCONTRACTORS SHALL COORDINATE AMONG THEMSELVES TO RESOLVE THE CONFLICT IMMEDIATELY. D. IF ADDITIONAL OR DUPLICATE MATERIAL OR LABOR IS NECESSARY TO FACILITATE COORDINATION OR REMEDIAL WORK, IT SHALL BE PROVIDED AT NO ADDITIONAL COST OR DELAY OF COMPLETION TO THE OWNER. THE GENERAL CONTRACTOR SHALL NOTIFY THE ARCHITECT OF ANY SUCH CONFLICT IMMEDIATELY. E. THE ARCHITECT MAY ISSUE INFORMATION, AS TO WHICH ITEM IS MOST CRITICAL; THE NON-CRITICAL ITEM CAN THEN BE RELOCATED OR DUPLICATED.

LR/A
LR/A ARCHITECTURE
Architecture
Planning
Interior Design
Construction Management
217 W. Alameda Avenue, Suite 203
Burbank, CA 91502
(818) 840-8361 Fax (818) 840-8341
N	O	T	E
SUBMITTALS	DATE	DESCRIPTION
PRE-BID:
BLD'G. DEPT.:	6/19/17	B.D. SUBMITTAL
BID SET:
RELEASES:
NO.	DATE	DESCRIPTION
1	10-30-17	READY TO ISSUE

ARCH/CONSULTANT:
LICENSED ARCHITECT
JOHN GILMORE
DEERMAN
C-9147
REN. 8/31/2019
STATE OF CALIFORNIA
PROJECT
GLENOAKS APARTMENTS
8405 N. GLENOAKS BLVD.
SUN VALLEY, CALIFORNIA
91352
CLIENT
ARIN CAPITAL &
INVESTMENT CORP.
1625 W. GLENOAKS BLVD. # 303
GLENDALE, CA. 91201
REVISIONS
ISSUE	DATE	REVISION
10-02-17	B.D. RESUBMITTAL
DRAWN	CHECKED
STAFF	WR/ RM
CAD FILE
JOB NO.
16.439.00
DATE
10-24-17
SCALE
AS SHOWN
TITLE
GENERAL NOTES
SHEET
A-9.0
